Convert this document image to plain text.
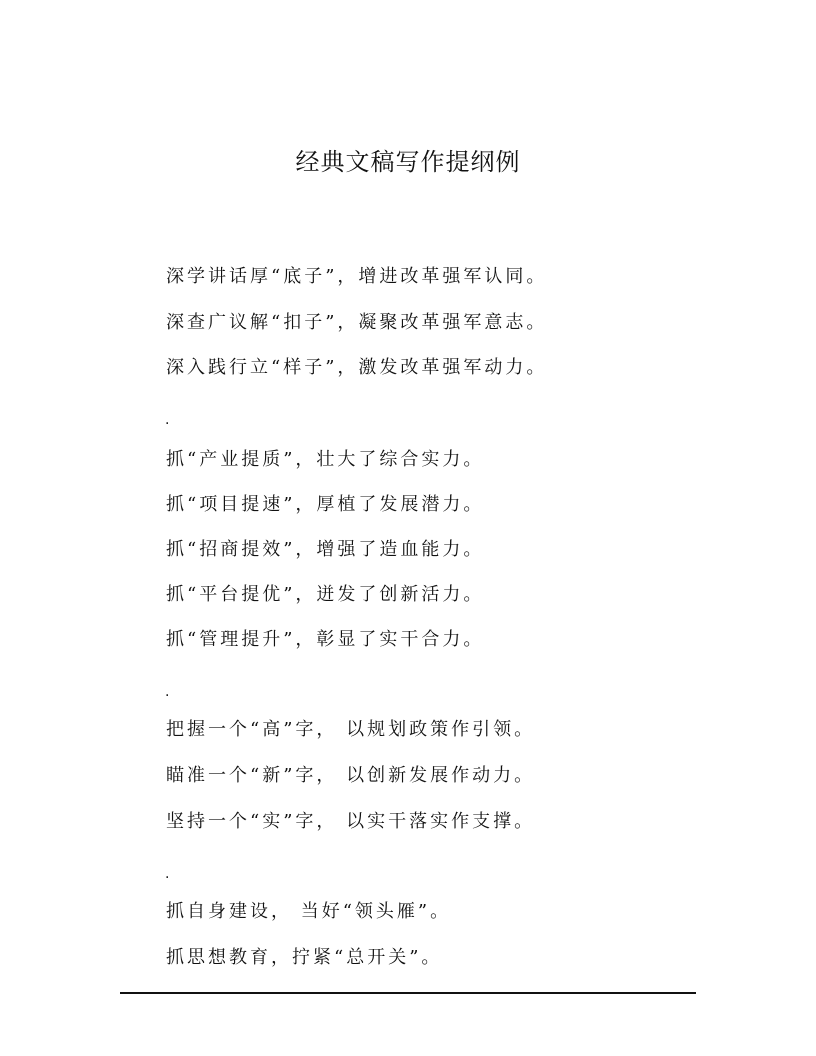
经典文稿写作提纲例
深学讲话厚“底子”，增进改革强军认同。
深查广议解“扣子”，凝聚改革强军意志。
深入践行立“样子”，激发改革强军动力。
.
抓“产业提质”，壮大了综合实力。
抓“项目提速”，厚植了发展潜力。
抓“招商提效”，增强了造血能力。
抓“平台提优”，迸发了创新活力。
抓“管理提升”，彰显了实干合力。
.
把握一个“高”字， 以规划政策作引领。
瞄准一个“新”字， 以创新发展作动力。
坚持一个“实”字， 以实干落实作支撑。
.
抓自身建设， 当好“领头雁”。
抓思想教育，拧紧“总开关”。
